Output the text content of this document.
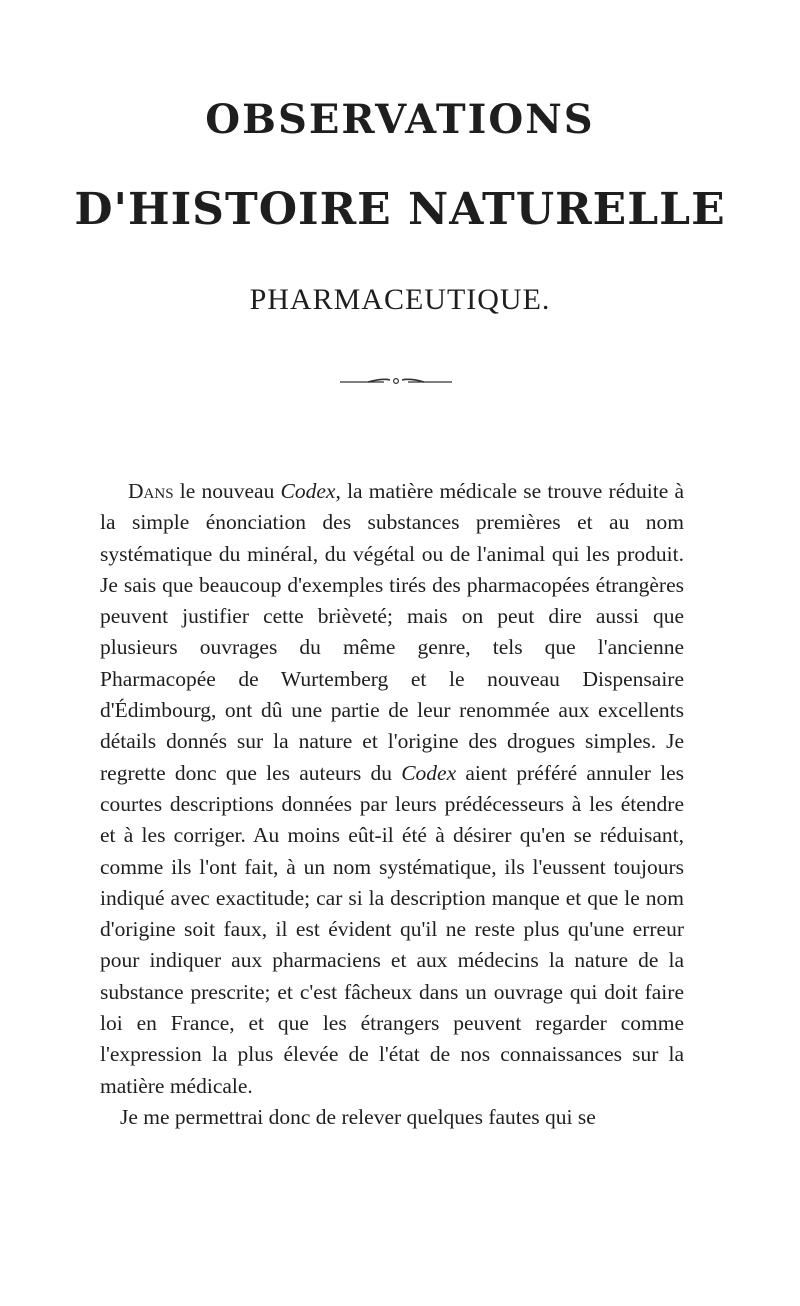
OBSERVATIONS
D'HISTOIRE NATURELLE
PHARMACEUTIQUE.

Dans le nouveau Codex, la matière médicale se trouve réduite à la simple énonciation des substances premières et au nom systématique du minéral, du végétal ou de l'animal qui les produit. Je sais que beaucoup d'exemples tirés des pharmacopées étrangères peuvent justifier cette brièveté; mais on peut dire aussi que plusieurs ouvrages du même genre, tels que l'ancienne Pharmacopée de Wurtemberg et le nouveau Dispensaire d'Édimbourg, ont dû une partie de leur renommée aux excellents détails donnés sur la nature et l'origine des drogues simples. Je regrette donc que les auteurs du Codex aient préféré annuler les courtes descriptions données par leurs prédécesseurs à les étendre et à les corriger. Au moins eût-il été à désirer qu'en se réduisant, comme ils l'ont fait, à un nom systématique, ils l'eussent toujours indiqué avec exactitude; car si la description manque et que le nom d'origine soit faux, il est évident qu'il ne reste plus qu'une erreur pour indiquer aux pharmaciens et aux médecins la nature de la substance prescrite; et c'est fâcheux dans un ouvrage qui doit faire loi en France, et que les étrangers peuvent regarder comme l'expression la plus élevée de l'état de nos connaissances sur la matière médicale.

Je me permettrai donc de relever quelques fautes qui se
